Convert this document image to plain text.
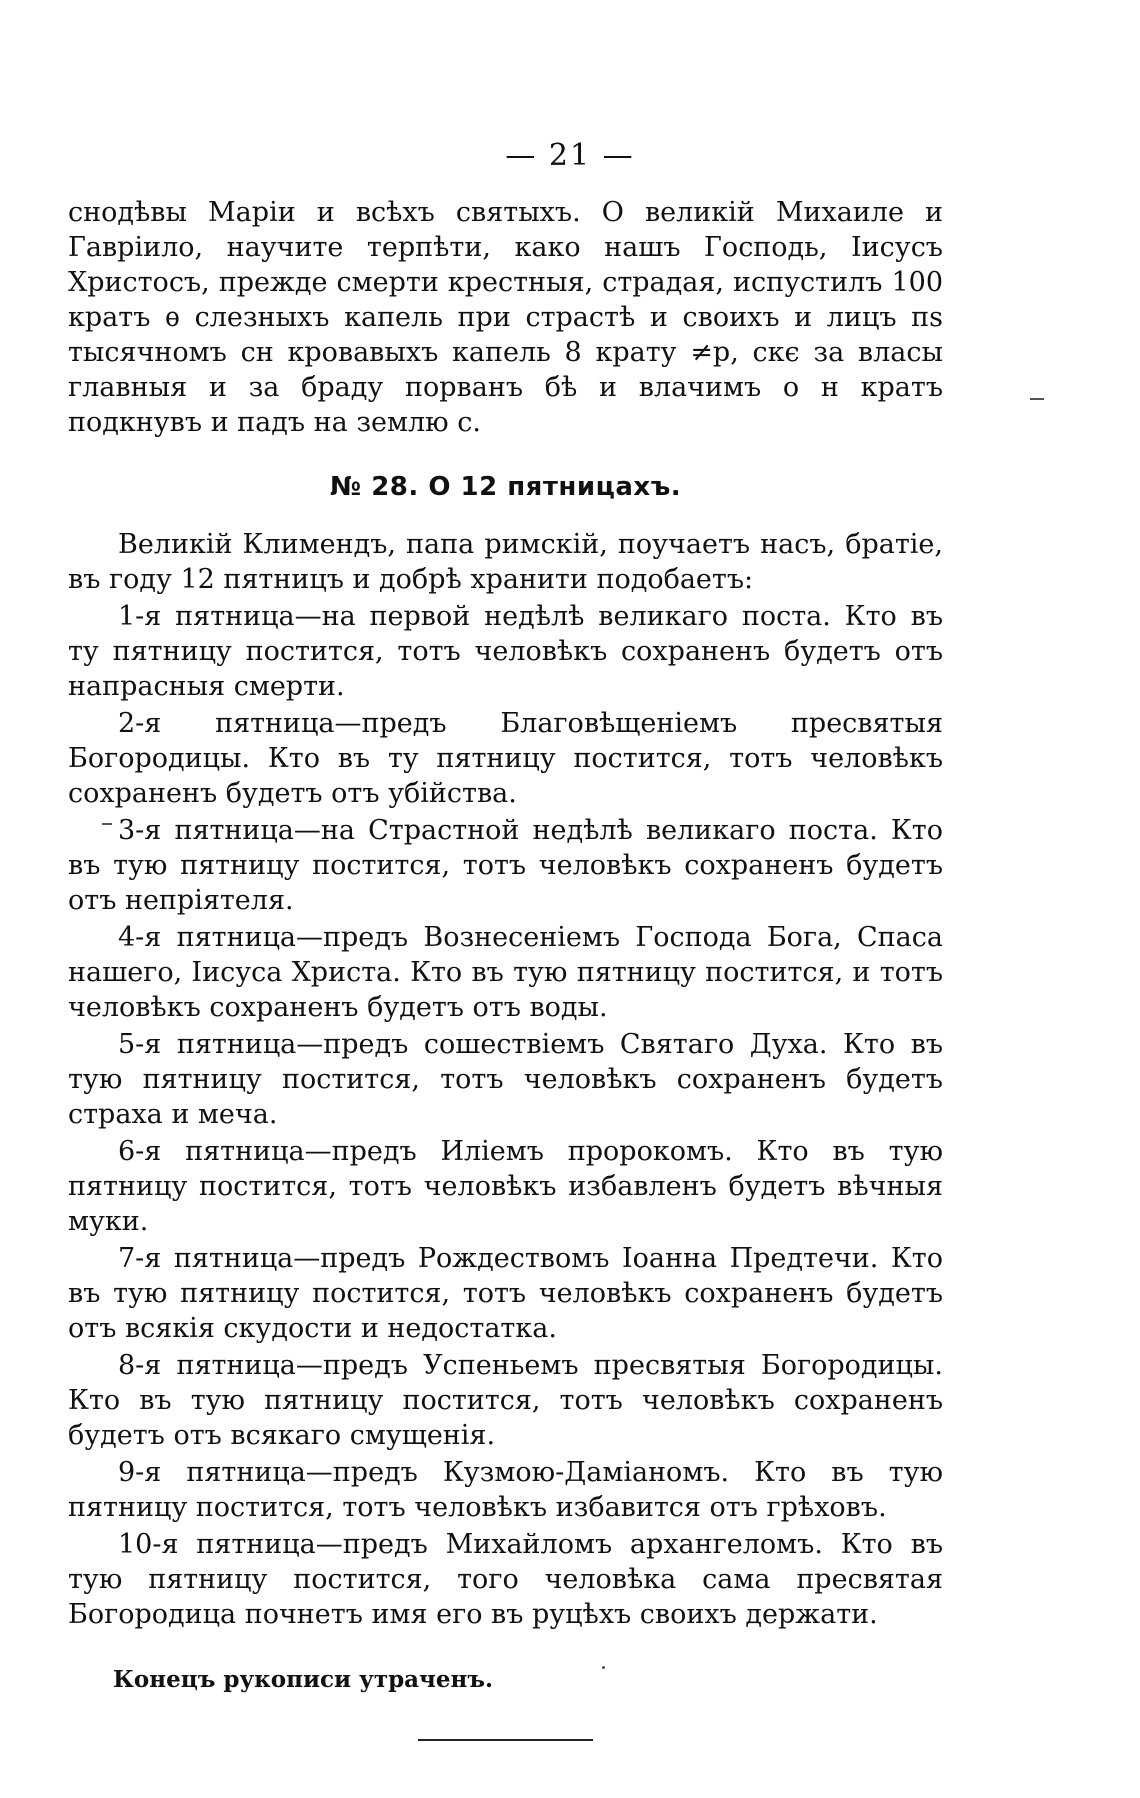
— 21 —

снодѣвы Маріи и всѣхъ святыхъ. О великій Михаиле и Гавріило, научите терпѣти, како нашъ Господь, Іисусъ Христосъ, прежде смерти крестныя, страдая, испустилъ 100 кратъ ѳ слезныхъ капель при страстѣ и своихъ и лицъ пѕ тысячномъ сн кровавыхъ капель 8 крату ≠р, скє за власы главныя и за браду порванъ бѣ и влачимъ о н кратъ подкнувъ и падъ на землю с.

№ 28. О 12 пятницахъ.

Великій Климендъ, папа римскій, поучаетъ насъ, братіе, въ году 12 пятницъ и добрѣ хранити подобаетъ:

1-я пятница—на первой недѣлѣ великаго поста. Кто въ ту пятницу постится, тотъ человѣкъ сохраненъ будетъ отъ напрасныя смерти.

2-я пятница—предъ Благовѣщеніемъ пресвятыя Богородицы. Кто въ ту пятницу постится, тотъ человѣкъ сохраненъ будетъ отъ убійства.

3-я пятница—на Страстной недѣлѣ великаго поста. Кто въ тую пятницу постится, тотъ человѣкъ сохраненъ будетъ отъ непріятеля.

4-я пятница—предъ Вознесеніемъ Господа Бога, Спаса нашего, Іисуса Христа. Кто въ тую пятницу постится, и тотъ человѣкъ сохраненъ будетъ отъ воды.

5-я пятница—предъ сошествіемъ Святаго Духа. Кто въ тую пятницу постится, тотъ человѣкъ сохраненъ будетъ страха и меча.

6-я пятница—предъ Иліемъ пророкомъ. Кто въ тую пятницу постится, тотъ человѣкъ избавленъ будетъ вѣчныя муки.

7-я пятница—предъ Рождествомъ Іоанна Предтечи. Кто въ тую пятницу постится, тотъ человѣкъ сохраненъ будетъ отъ всякія скудости и недостатка.

8-я пятница—предъ Успеньемъ пресвятыя Богородицы. Кто въ тую пятницу постится, тотъ человѣкъ сохраненъ будетъ отъ всякаго смущенія.

9-я пятница—предъ Кузмою-Даміаномъ. Кто въ тую пятницу постится, тотъ человѣкъ избавится отъ грѣховъ.

10-я пятница—предъ Михайломъ архангеломъ. Кто въ тую пятницу постится, того человѣка сама пресвятая Богородица почнетъ имя его въ руцѣхъ своихъ держати.

Конецъ рукописи утраченъ.
